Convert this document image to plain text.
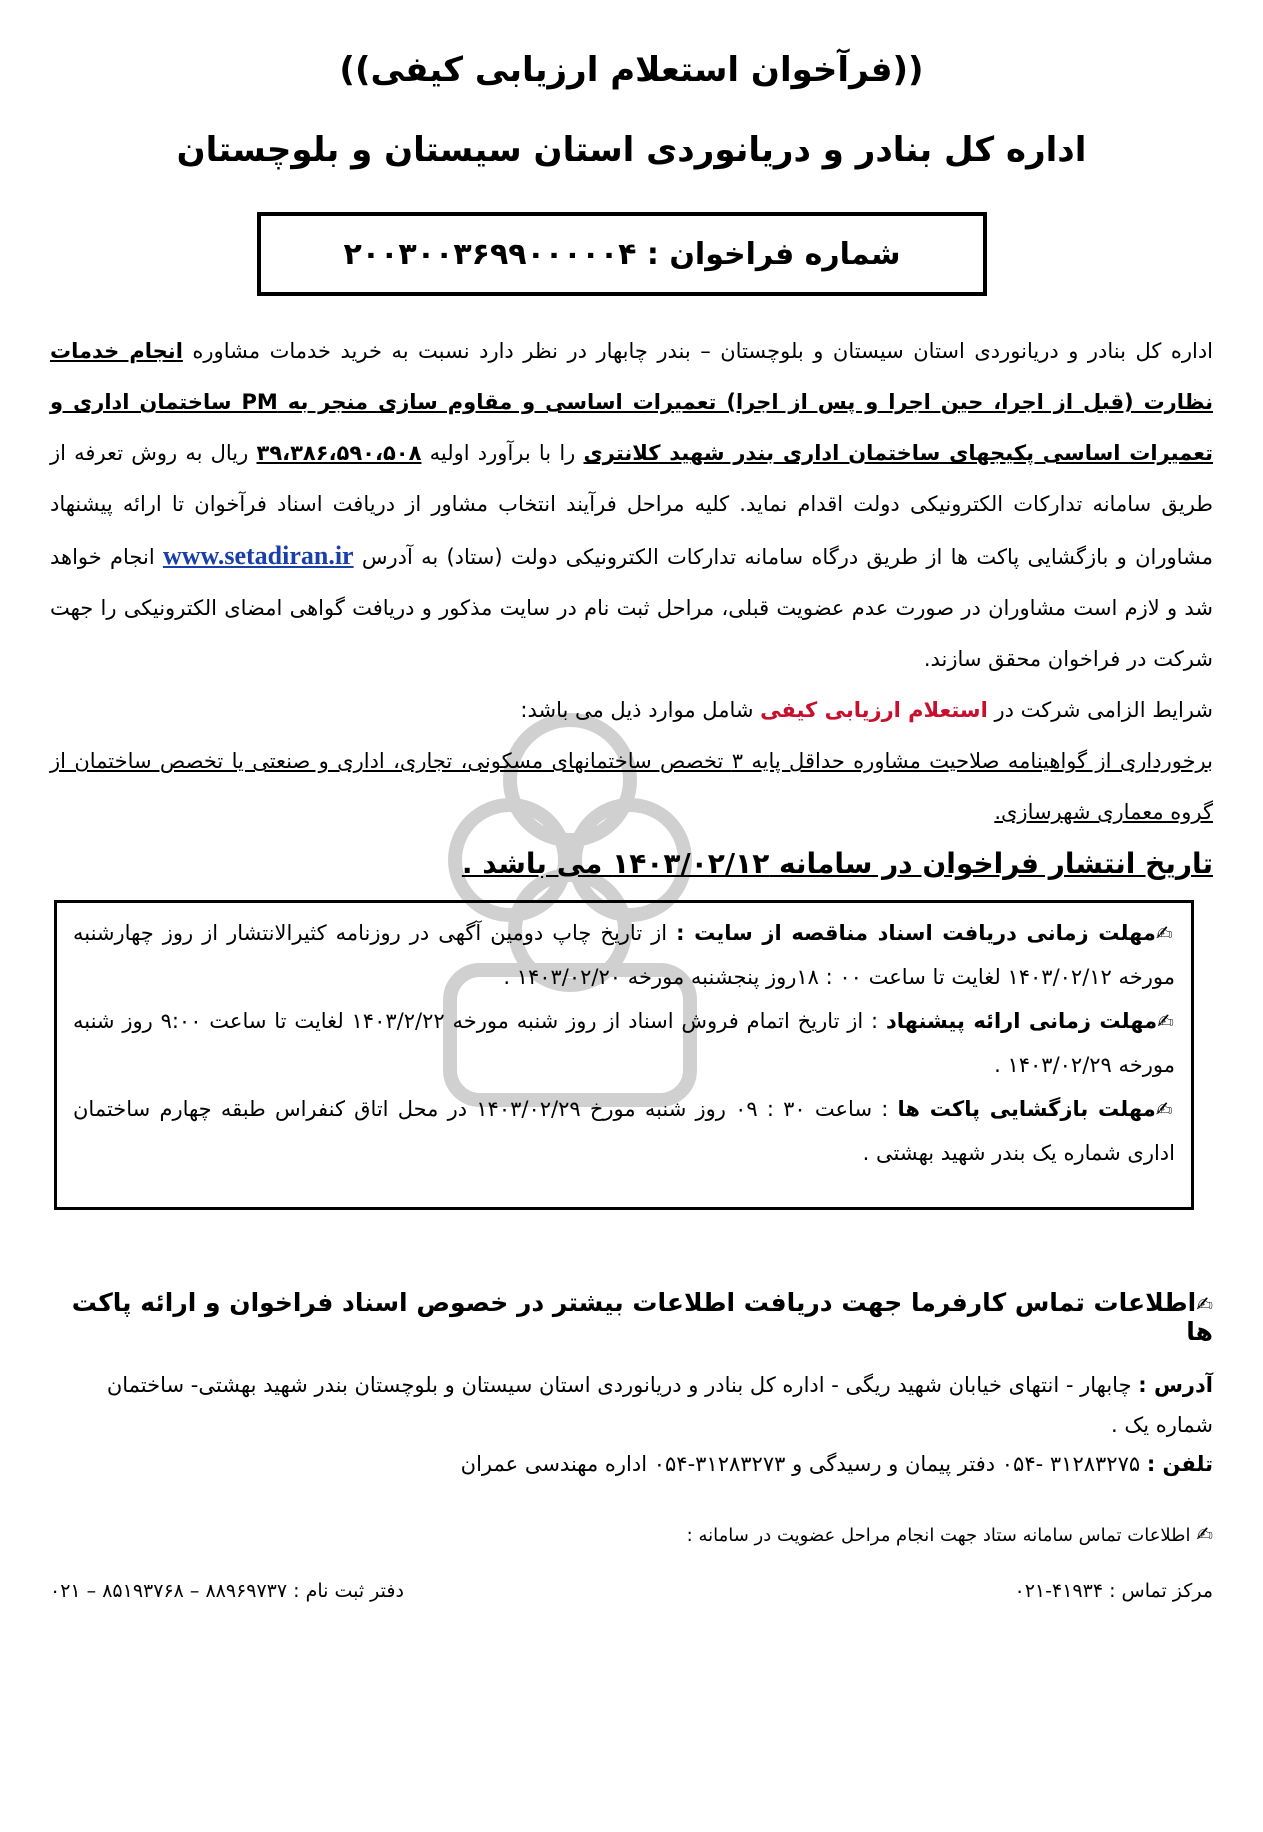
((فرآخوان استعلام ارزیابی کیفی))
اداره کل بنادر و دریانوردی استان سیستان و بلوچستان
شماره فراخوان : ۲۰۰۳۰۰۳۶۹۹۰۰۰۰۰۴
اداره کل بنادر و دریانوردی استان سیستان و بلوچستان – بندر چابهار در نظر دارد نسبت به خرید خدمات مشاوره انجام خدمات نظارت (قبل از اجرا، حین اجرا و پس از اجرا) تعمیرات اساسی و مقاوم سازی منجر به PM ساختمان اداری و تعمیرات اساسی پکیجهای ساختمان اداری بندر شهید کلانتری را با برآورد اولیه ۳۹،۳۸۶،۵۹۰،۵۰۸ ریال به روش تعرفه از طریق سامانه تدارکات الکترونیکی دولت اقدام نماید. کلیه مراحل فرآیند انتخاب مشاور از دریافت اسناد فرآخوان تا ارائه پیشنهاد مشاوران و بازگشایی پاکت ها از طریق درگاه سامانه تدارکات الکترونیکی دولت (ستاد) به آدرس www.setadiran.ir انجام خواهد شد و لازم است مشاوران در صورت عدم عضویت قبلی، مراحل ثبت نام در سایت مذکور و دریافت گواهی امضای الکترونیکی را جهت شرکت در فراخوان محقق سازند.
شرایط الزامی شرکت در استعلام ارزیابی کیفی شامل موارد ذیل می باشد:
برخورداری از گواهینامه صلاحیت مشاوره حداقل پایه ۳ تخصص ساختمانهای مسکونی، تجاری، اداری و صنعتی یا تخصص ساختمان از گروه معماری شهرسازی.
تاریخ انتشار فراخوان در سامانه ۱۴۰۳/۰۲/۱۲ می باشد .
✍مهلت زمانی دریافت اسناد مناقصه از سایت : از تاریخ چاپ دومین آگهی در روزنامه کثیرالانتشار از روز چهارشنبه مورخه ۱۴۰۳/۰۲/۱۲ لغایت تا ساعت ۰۰ : ۱۸روز پنجشنبه مورخه ۱۴۰۳/۰۲/۲۰ .
✍مهلت زمانی ارائه پیشنهاد : از تاریخ اتمام فروش اسناد از روز شنبه مورخه ۱۴۰۳/۲/۲۲ لغایت تا ساعت ۹:۰۰ روز شنبه مورخه ۱۴۰۳/۰۲/۲۹ .
✍مهلت بازگشایی پاکت ها : ساعت ۳۰ : ۰۹ روز شنبه مورخ ۱۴۰۳/۰۲/۲۹ در محل اتاق کنفراس طبقه چهارم ساختمان اداری شماره یک بندر شهید بهشتی .
✍اطلاعات تماس کارفرما جهت دریافت اطلاعات بیشتر در خصوص اسناد فراخوان و ارائه پاکت ها
آدرس : چابهار - انتهای خیابان شهید ریگی - اداره کل بنادر و دریانوردی استان سیستان و بلوچستان بندر شهید بهشتی- ساختمان شماره یک .
تلفن : ۳۱۲۸۳۲۷۵ -۰۵۴ دفتر پیمان و رسیدگی و ۳۱۲۸۳۲۷۳-۰۵۴ اداره مهندسی عمران
✍ اطلاعات تماس سامانه ستاد جهت انجام مراحل عضویت در سامانه :
مرکز تماس : ۴۱۹۳۴-۰۲۱
دفتر ثبت نام : ۸۸۹۶۹۷۳۷ – ۸۵۱۹۳۷۶۸ – ۰۲۱
